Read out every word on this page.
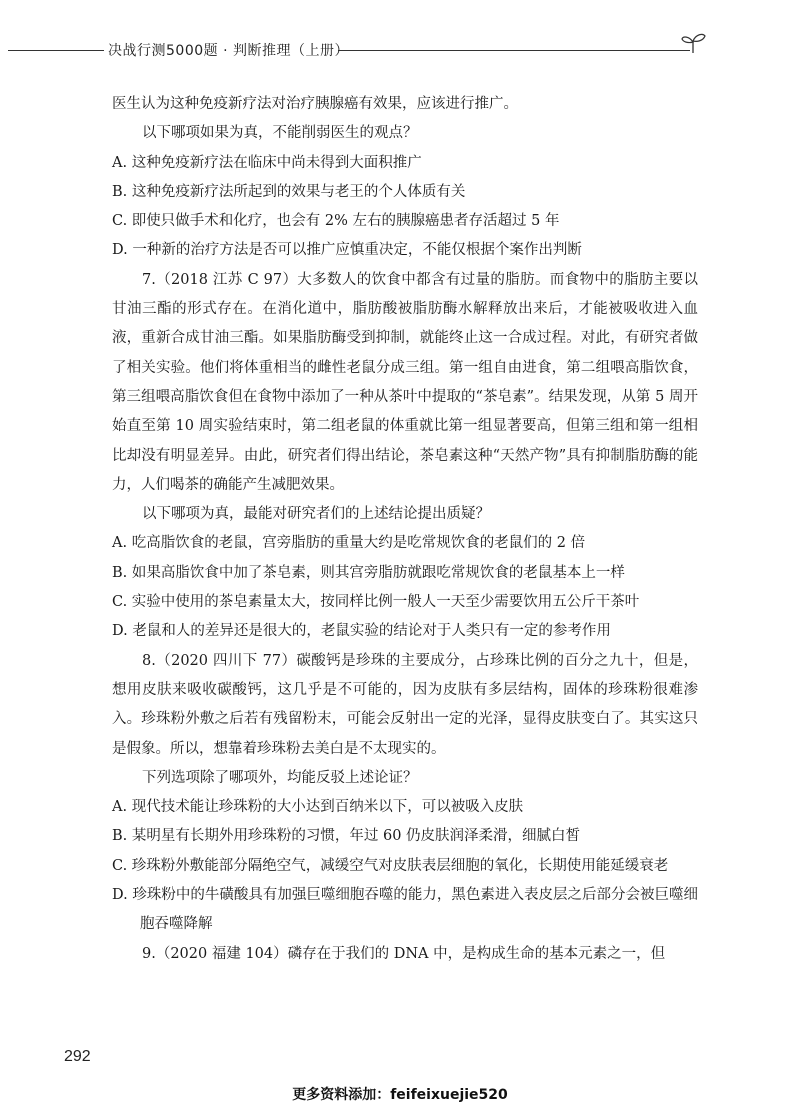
决战行测5000题 · 判断推理（上册）

医生认为这种免疫新疗法对治疗胰腺癌有效果，应该进行推广。

以下哪项如果为真，不能削弱医生的观点？

A. 这种免疫新疗法在临床中尚未得到大面积推广

B. 这种免疫新疗法所起到的效果与老王的个人体质有关

C. 即使只做手术和化疗，也会有 2% 左右的胰腺癌患者存活超过 5 年

D. 一种新的治疗方法是否可以推广应慎重决定，不能仅根据个案作出判断

7.（2018 江苏 C 97）大多数人的饮食中都含有过量的脂肪。而食物中的脂肪主要以甘油三酯的形式存在。在消化道中，脂肪酸被脂肪酶水解释放出来后，才能被吸收进入血液，重新合成甘油三酯。如果脂肪酶受到抑制，就能终止这一合成过程。对此，有研究者做了相关实验。他们将体重相当的雌性老鼠分成三组。第一组自由进食，第二组喂高脂饮食，第三组喂高脂饮食但在食物中添加了一种从茶叶中提取的“茶皂素”。结果发现，从第 5 周开始直至第 10 周实验结束时，第二组老鼠的体重就比第一组显著要高，但第三组和第一组相比却没有明显差异。由此，研究者们得出结论，茶皂素这种“天然产物”具有抑制脂肪酶的能力，人们喝茶的确能产生减肥效果。

以下哪项为真，最能对研究者们的上述结论提出质疑？

A. 吃高脂饮食的老鼠，宫旁脂肪的重量大约是吃常规饮食的老鼠们的 2 倍

B. 如果高脂饮食中加了茶皂素，则其宫旁脂肪就跟吃常规饮食的老鼠基本上一样

C. 实验中使用的茶皂素量太大，按同样比例一般人一天至少需要饮用五公斤干茶叶

D. 老鼠和人的差异还是很大的，老鼠实验的结论对于人类只有一定的参考作用

8.（2020 四川下 77）碳酸钙是珍珠的主要成分，占珍珠比例的百分之九十，但是，想用皮肤来吸收碳酸钙，这几乎是不可能的，因为皮肤有多层结构，固体的珍珠粉很难渗入。珍珠粉外敷之后若有残留粉末，可能会反射出一定的光泽，显得皮肤变白了。其实这只是假象。所以，想靠着珍珠粉去美白是不太现实的。

下列选项除了哪项外，均能反驳上述论证？

A. 现代技术能让珍珠粉的大小达到百纳米以下，可以被吸入皮肤

B. 某明星有长期外用珍珠粉的习惯，年过 60 仍皮肤润泽柔滑，细腻白皙

C. 珍珠粉外敷能部分隔绝空气，减缓空气对皮肤表层细胞的氧化，长期使用能延缓衰老

D. 珍珠粉中的牛磺酸具有加强巨噬细胞吞噬的能力，黑色素进入表皮层之后部分会被巨噬细胞吞噬降解

9.（2020 福建 104）磷存在于我们的 DNA 中，是构成生命的基本元素之一，但

292
更多资料添加：feifeixuejie520
